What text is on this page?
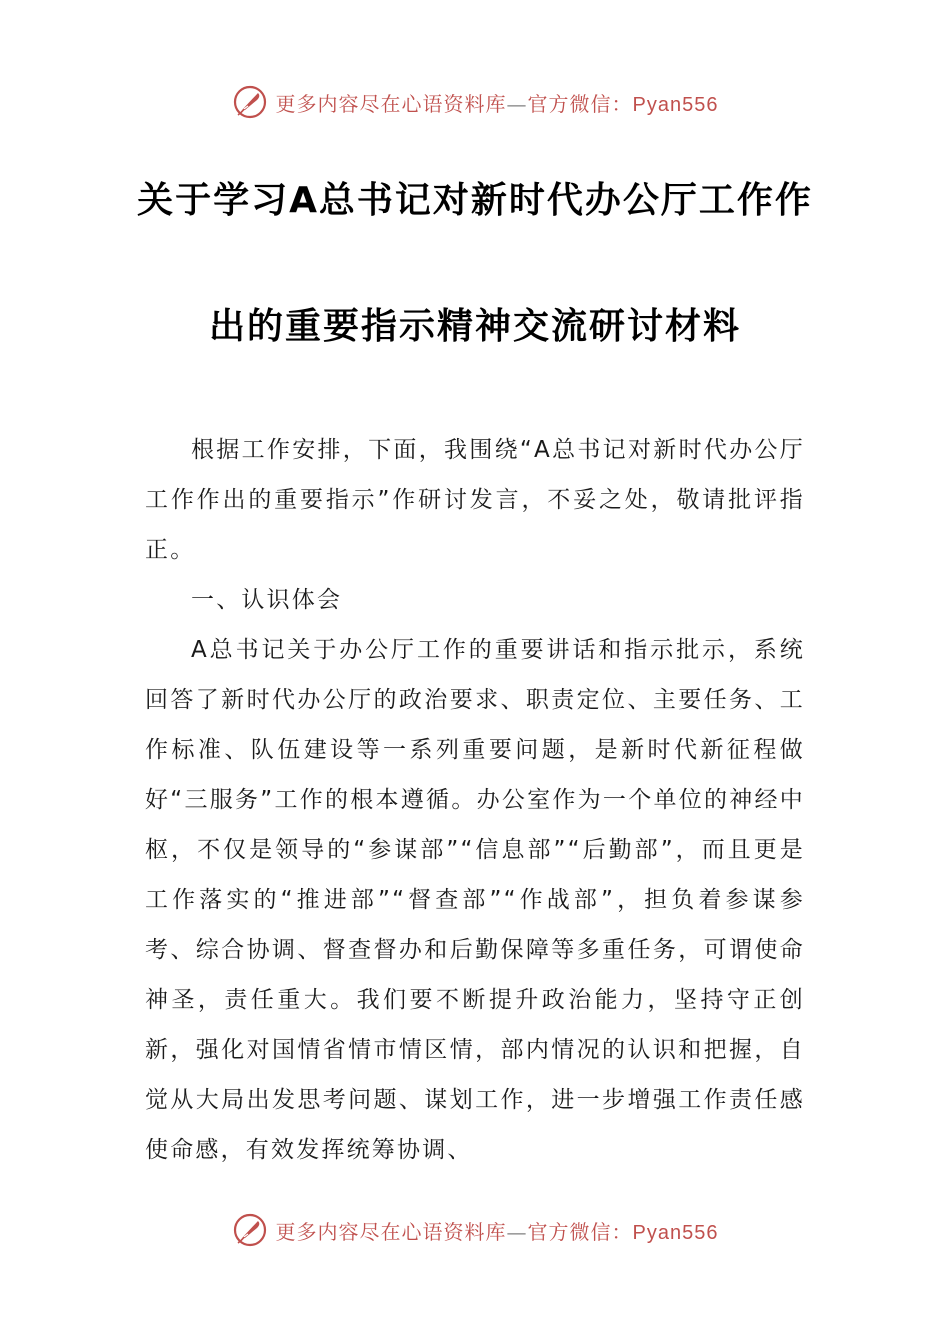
更多内容尽在心语资料库—官方微信：Pyan556
关于学习A总书记对新时代办公厅工作作
出的重要指示精神交流研讨材料

根据工作安排，下面，我围绕“A总书记对新时代办公厅工作作出的重要指示”作研讨发言，不妥之处，敬请批评指正。

一、认识体会

A总书记关于办公厅工作的重要讲话和指示批示，系统回答了新时代办公厅的政治要求、职责定位、主要任务、工作标准、队伍建设等一系列重要问题，是新时代新征程做好“三服务”工作的根本遵循。办公室作为一个单位的神经中枢，不仅是领导的“参谋部”“信息部”“后勤部”，而且更是工作落实的“推进部”“督查部”“作战部”，担负着参谋参考、综合协调、督查督办和后勤保障等多重任务，可谓使命神圣，责任重大。我们要不断提升政治能力，坚持守正创新，强化对国情省情市情区情，部内情况的认识和把握，自觉从大局出发思考问题、谋划工作，进一步增强工作责任感使命感，有效发挥统筹协调、

更多内容尽在心语资料库—官方微信：Pyan556
